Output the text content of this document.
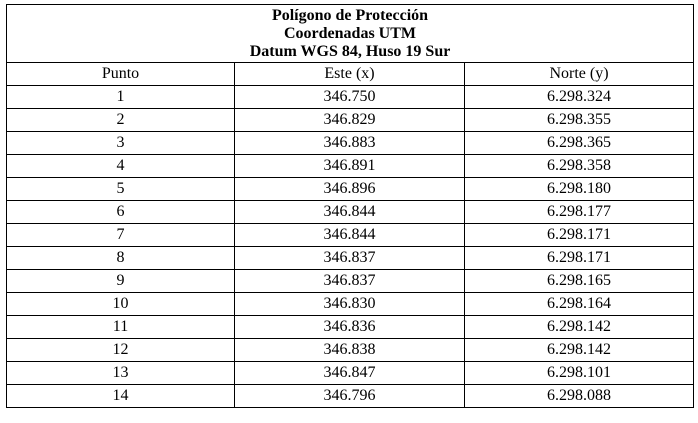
Polígono de Protección
Coordenadas UTM
Datum WGS 84, Huso 19 Sur		

Punto	Este (x)	Norte (y)
1	346.750	6.298.324
2	346.829	6.298.355
3	346.883	6.298.365
4	346.891	6.298.358
5	346.896	6.298.180
6	346.844	6.298.177
7	346.844	6.298.171
8	346.837	6.298.171
9	346.837	6.298.165
10	346.830	6.298.164
11	346.836	6.298.142
12	346.838	6.298.142
13	346.847	6.298.101
14	346.796	6.298.088
